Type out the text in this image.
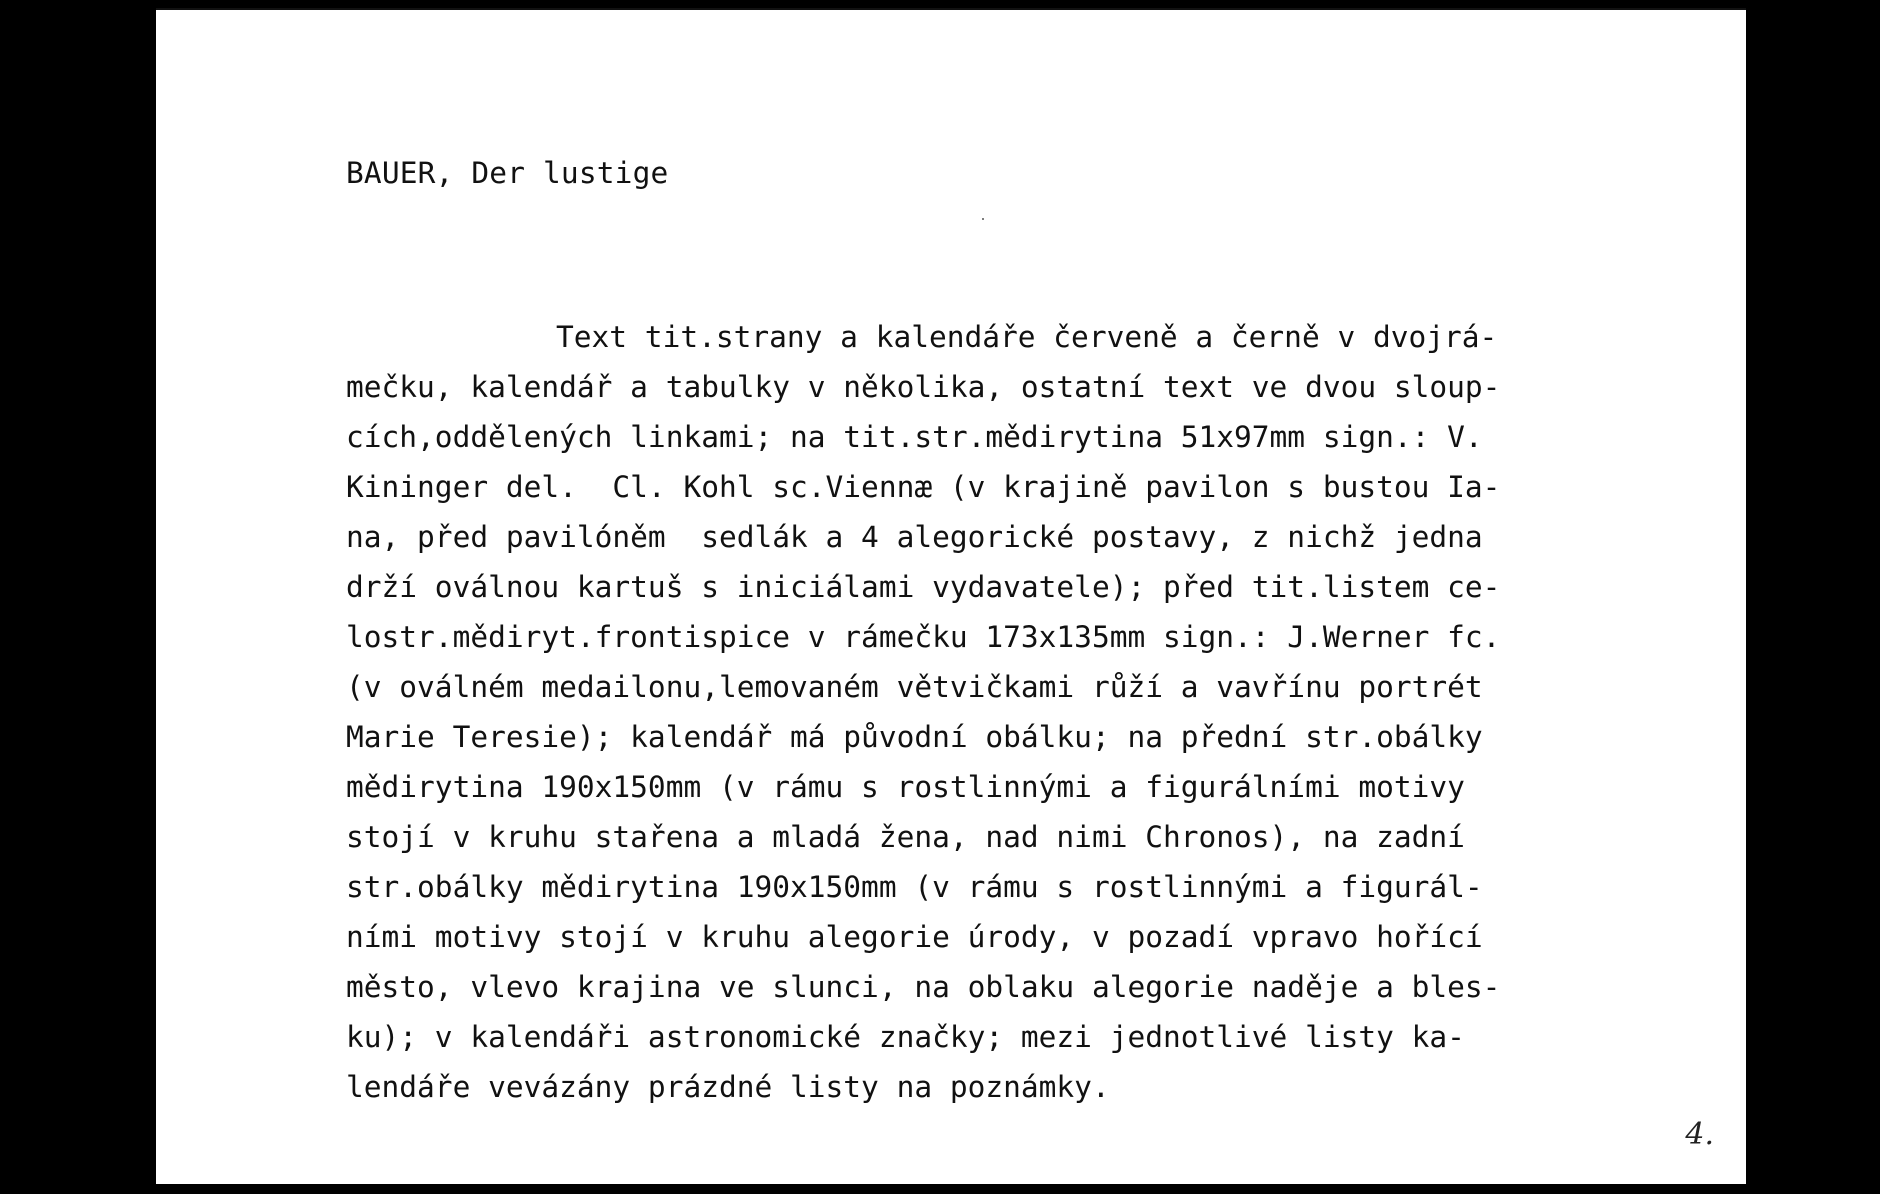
BAUER, Der lustige
Text tit.strany a kalendáře červeně a černě v dvojrá-
mečku, kalendář a tabulky v několika, ostatní text ve dvou sloup-
cích,oddělených linkami; na tit.str.mědirytina 51x97mm sign.: V.
Kininger del.  Cl. Kohl sc.Viennæ (v krajině pavilon s bustou Ia-
na, před pavilóněm  sedlák a 4 alegorické postavy, z nichž jedna
drží oválnou kartuš s iniciálami vydavatele); před tit.listem ce-
lostr.mědiryt.frontispice v rámečku 173x135mm sign.: J.Werner fc.
(v oválném medailonu,lemovaném větvičkami růží a vavřínu portrét
Marie Teresie); kalendář má původní obálku; na přední str.obálky
mědirytina 190x150mm (v rámu s rostlinnými a figurálními motivy
stojí v kruhu stařena a mladá žena, nad nimi Chronos), na zadní
str.obálky mědirytina 190x150mm (v rámu s rostlinnými a figurál-
ními motivy stojí v kruhu alegorie úrody, v pozadí vpravo hořící
město, vlevo krajina ve slunci, na oblaku alegorie naděje a bles-
ku); v kalendáři astronomické značky; mezi jednotlivé listy ka-
lendáře vevázány prázdné listy na poznámky.
4.
